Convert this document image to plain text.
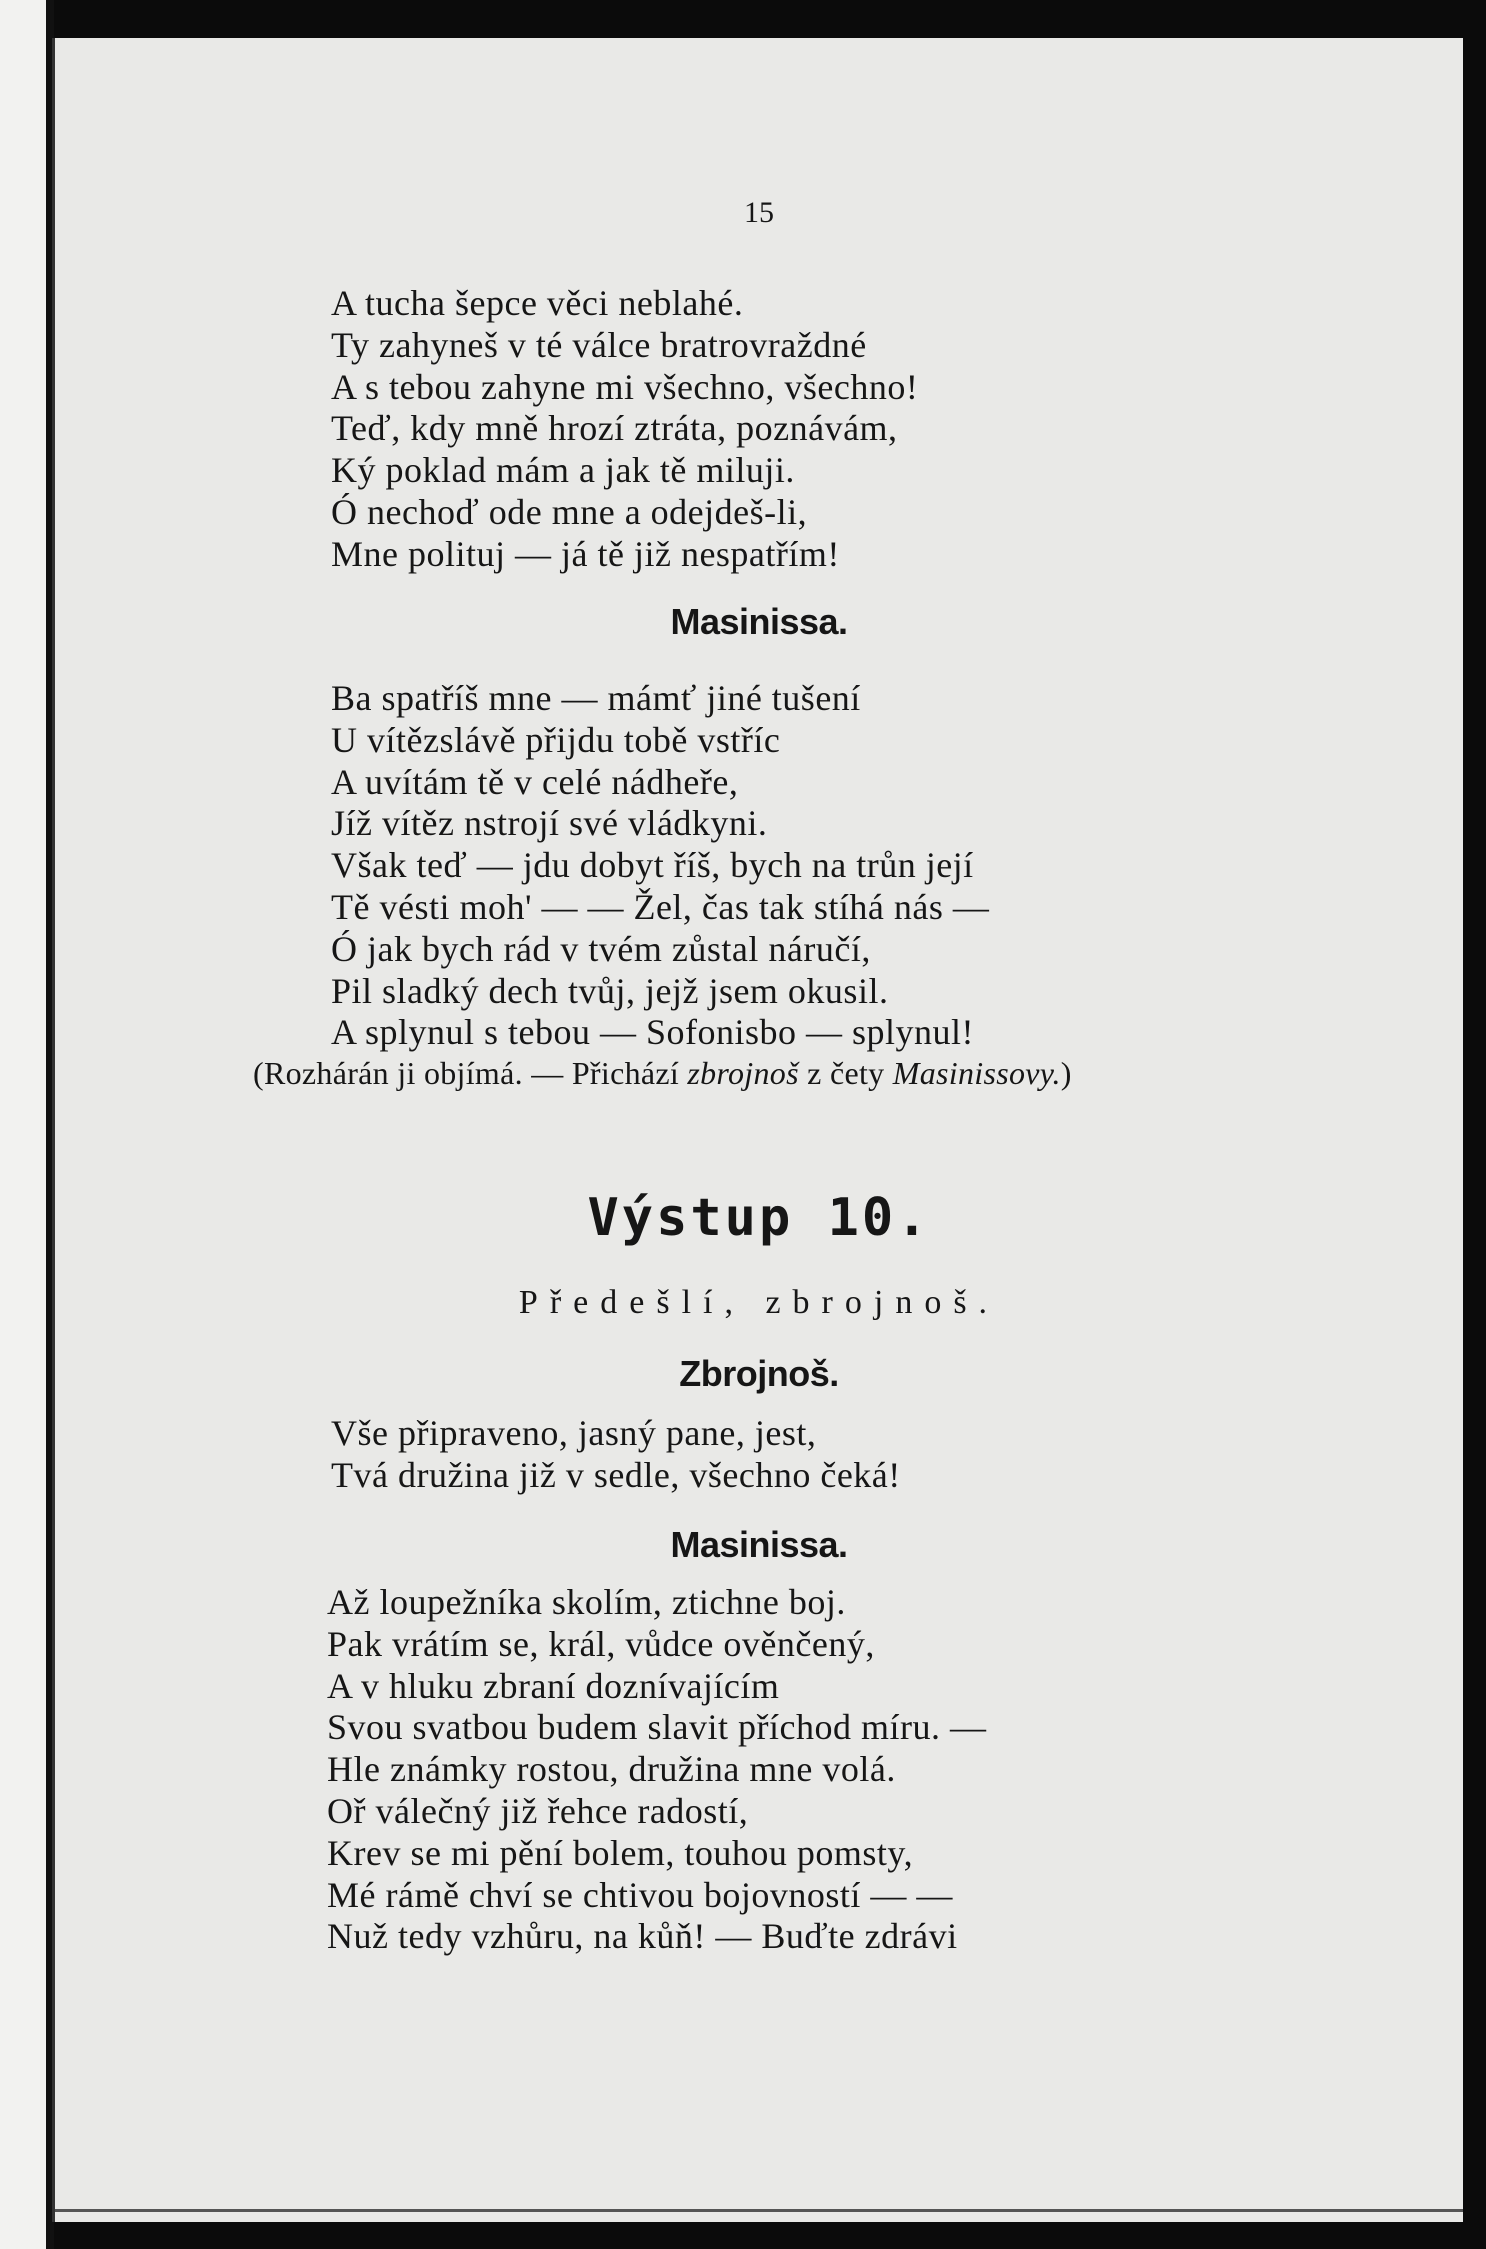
15
A tucha šepce věci neblahé.
Ty zahyneš v té válce bratrovraždné
A s tebou zahyne mi všechno, všechno!
Teď, kdy mně hrozí ztráta, poznávám,
Ký poklad mám a jak tě miluji.
Ó nechoď ode mne a odejdeš-li,
Mne polituj — já tě již nespatřím!
Masinissa.
Ba spatříš mne — mámť jiné tušení
U vítězslávě přijdu tobě vstříc
A uvítám tě v celé nádheře,
Jíž vítěz nstrojí své vládkyni.
Však teď — jdu dobyt říš, bych na trůn její
Tě vésti moh' — — Žel, čas tak stíhá nás —
Ó jak bych rád v tvém zůstal náručí,
Pil sladký dech tvůj, jejž jsem okusil.
A splynul s tebou — Sofonisbo — splynul!
(Rozhárán ji objímá. — Přichází zbrojnoš z čety Masinissovy.)
Výstup 10.
Předešlí, zbrojnoš.
Zbrojnoš.
Vše připraveno, jasný pane, jest,
Tvá družina již v sedle, všechno čeká!
Masinissa.
Až loupežníka skolím, ztichne boj.
Pak vrátím se, král, vůdce ověnčený,
A v hluku zbraní doznívajícím
Svou svatbou budem slavit příchod míru. —
Hle známky rostou, družina mne volá.
Oř válečný již řehce radostí,
Krev se mi pění bolem, touhou pomsty,
Mé rámě chví se chtivou bojovností — —
Nuž tedy vzhůru, na kůň! — Buďte zdrávi
